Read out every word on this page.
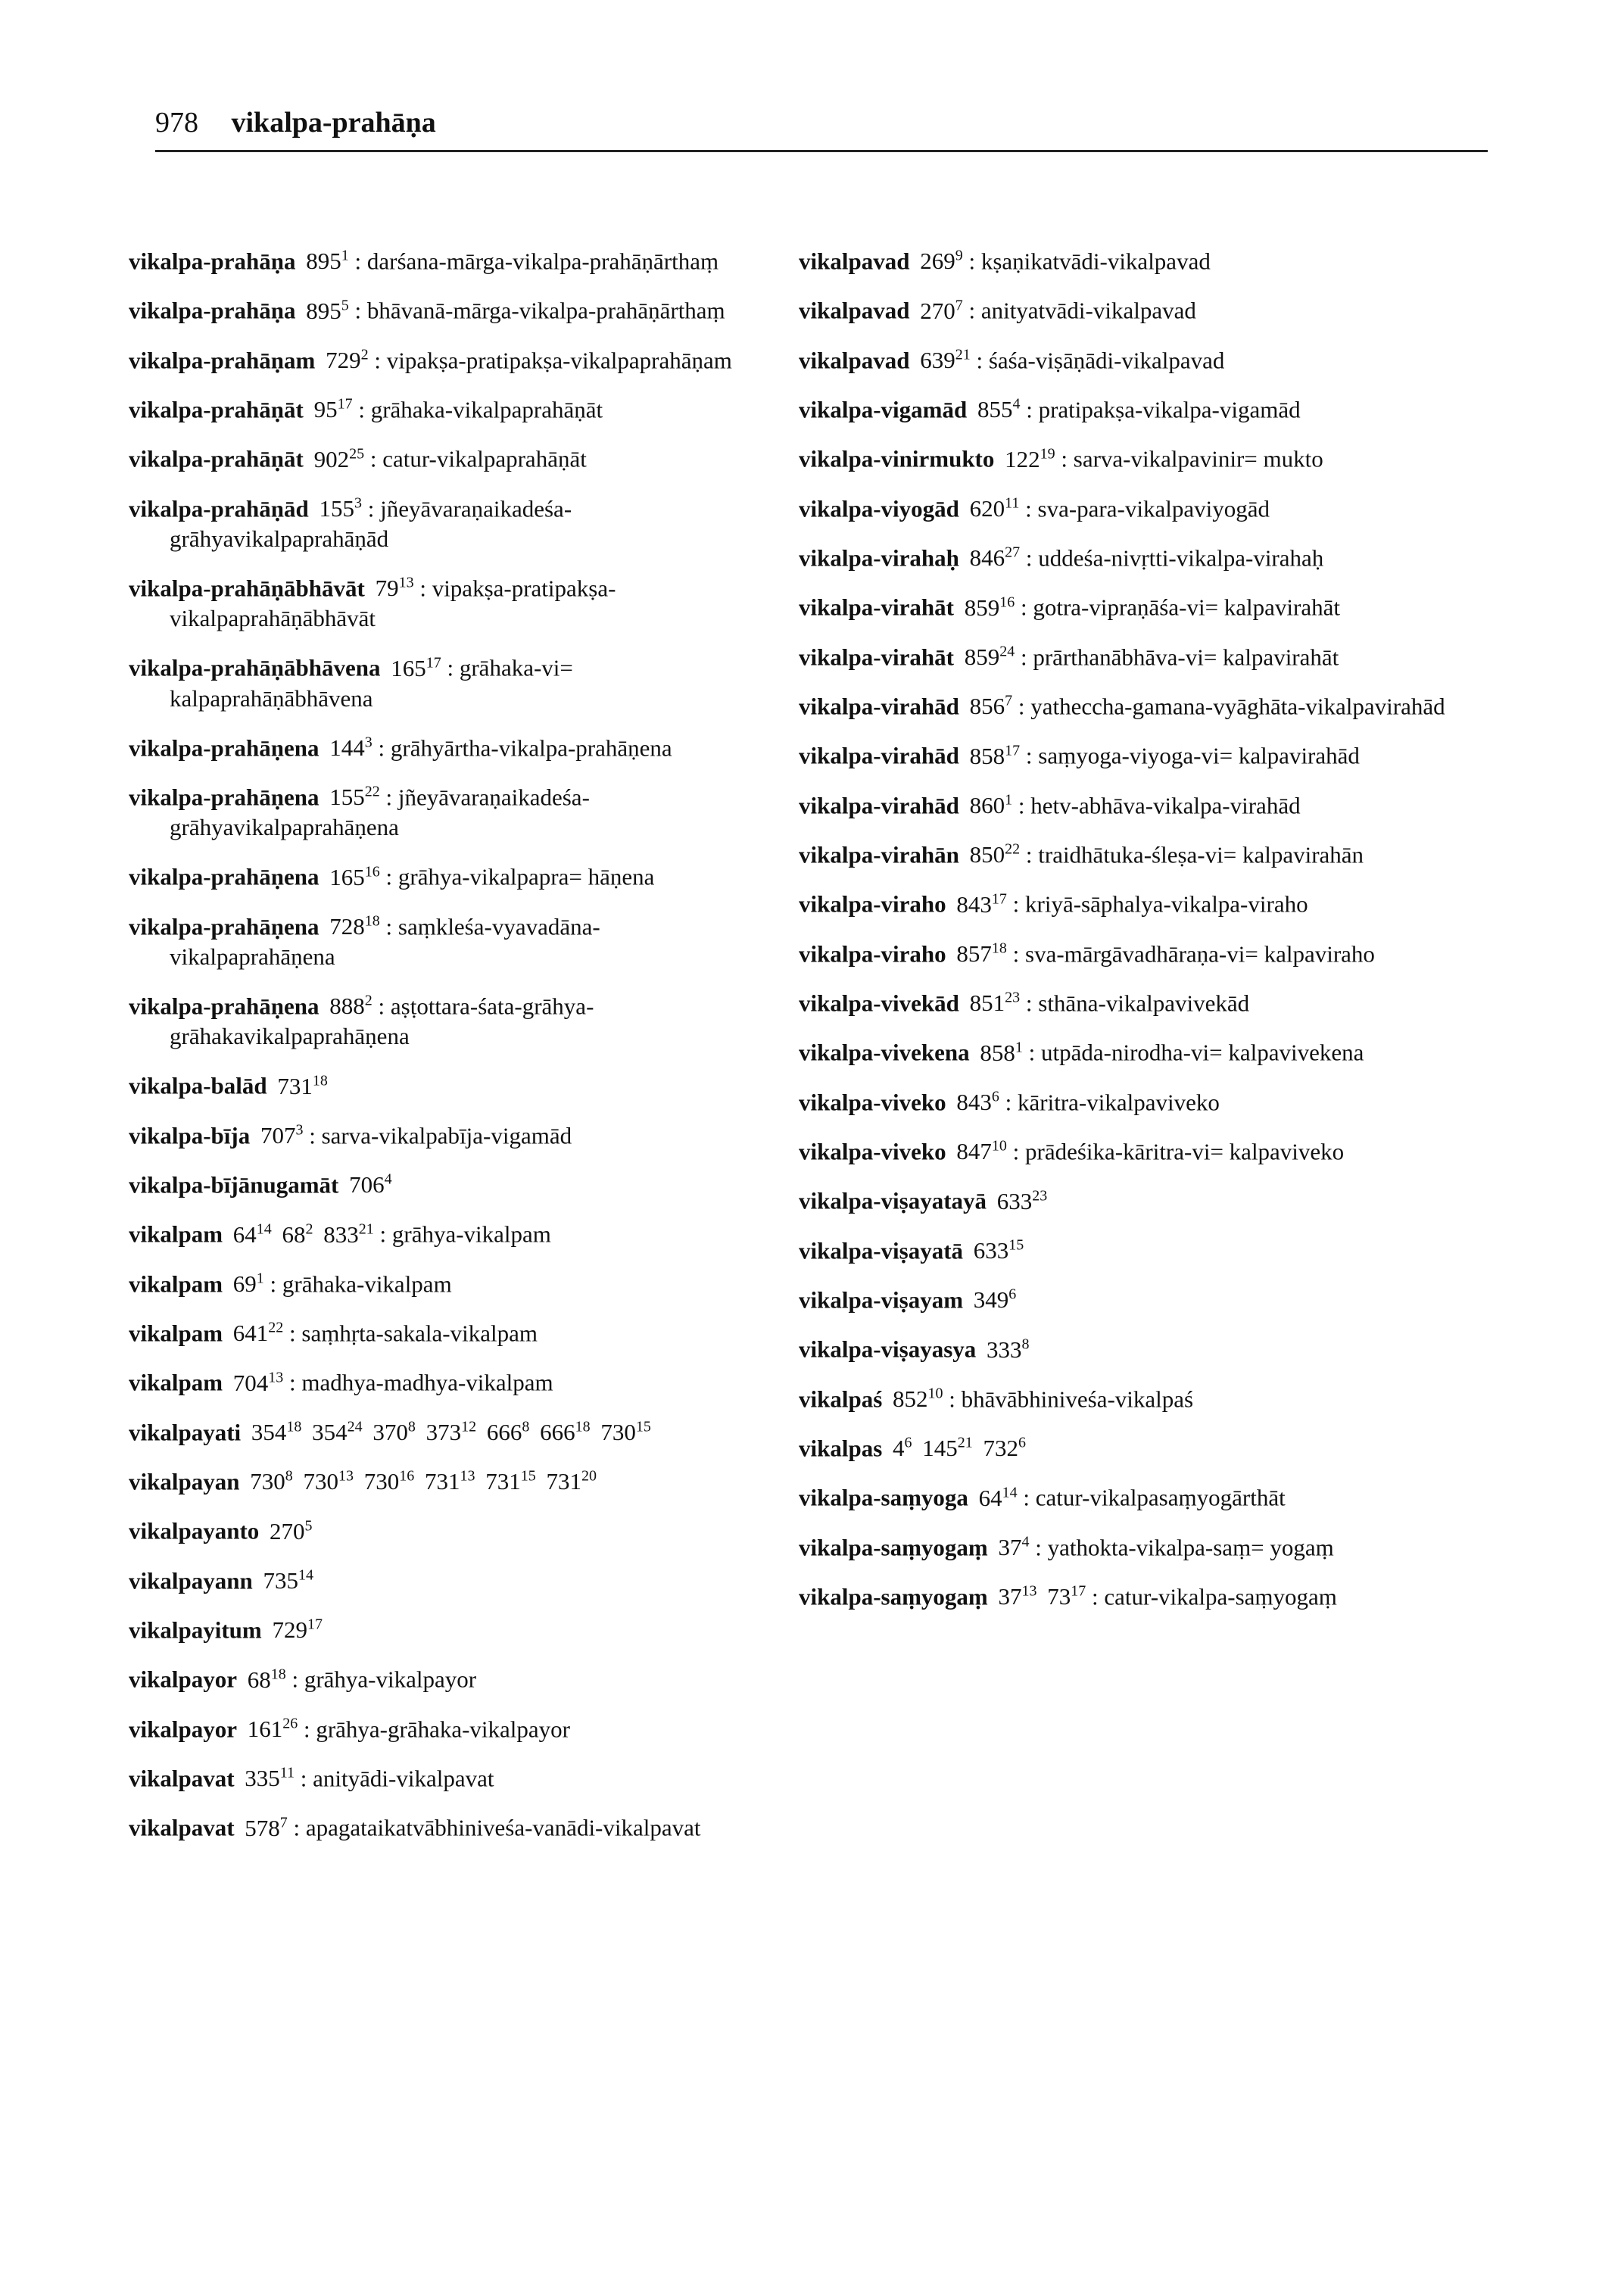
978 vikalpa-prahāṇa
vikalpa-prahāṇa $895^1$ : darśana-mārga-vikalpa-prahāṇārthaṃ
vikalpa-prahāṇa $895^5$ : bhāvanā-mārga-vikalpa-prahāṇārthaṃ
vikalpa-prahāṇam $729^2$ : vipakṣa-pratipakṣa-vikalpaprahāṇam
vikalpa-prahāṇāt $95^{17}$ : grāhaka-vikalpaprahāṇāt
vikalpa-prahāṇāt $902^{25}$ : catur-vikalpaprahāṇāt
vikalpa-prahāṇād $155^3$ : jñeyāvaraṇaikadeśa-grāhyavikalpaprahāṇād
vikalpa-prahāṇābhāvāt $79^{13}$ : vipakṣa-pratipakṣa-vikalpaprahāṇābhāvāt
vikalpa-prahāṇābhāvena $165^{17}$ : grāhaka-vi= kalpaprahāṇābhāvena
vikalpa-prahāṇena $144^3$ : grāhyārtha-vikalpa-prahāṇena
vikalpa-prahāṇena $155^{22}$ : jñeyāvaraṇaikadeśa-grāhyavikalpaprahāṇena
vikalpa-prahāṇena $165^{16}$ : grāhya-vikalpapra= hāṇena
vikalpa-prahāṇena $728^{18}$ : saṃkleśa-vyavadāna-vikalpaprahāṇena
vikalpa-prahāṇena $888^2$ : aṣṭottara-śata-grāhya-grāhakavikalpaprahāṇena
vikalpa-balād $731^{18}$
vikalpa-bīja $707^3$ : sarva-vikalpabīja-vigamād
vikalpa-bījānugamāt $706^4$
vikalpam $64^{14}$ $68^2$ $833^{21}$ : grāhya-vikalpam
vikalpam $69^1$ : grāhaka-vikalpam
vikalpam $641^{22}$ : saṃhṛta-sakala-vikalpam
vikalpam $704^{13}$ : madhya-madhya-vikalpam
vikalpayati $354^{18}$ $354^{24}$ $370^8$ $373^{12}$ $666^8$ $666^{18}$ $730^{15}$
vikalpayan $730^8$ $730^{13}$ $730^{16}$ $731^{13}$ $731^{15}$ $731^{20}$
vikalpayanto $270^5$
vikalpayann $735^{14}$
vikalpayitum $729^{17}$
vikalpayor $68^{18}$ : grāhya-vikalpayor
vikalpayor $161^{26}$ : grāhya-grāhaka-vikalpayor
vikalpavat $335^{11}$ : anityādi-vikalpavat
vikalpavat $578^7$ : apagataikatvābhiniveśa-vanādi-vikalpavat
vikalpavad $269^9$ : kṣaṇikatvādi-vikalpavad
vikalpavad $270^7$ : anityatvādi-vikalpavad
vikalpavad $639^{21}$ : śaśa-viṣāṇādi-vikalpavad
vikalpa-vigamād $855^4$ : pratipakṣa-vikalpa-vigamād
vikalpa-vinirmukto $122^{19}$ : sarva-vikalpavinir= mukto
vikalpa-viyogād $620^{11}$ : sva-para-vikalpaviyogād
vikalpa-virahaḥ $846^{27}$ : uddeśa-nivṛtti-vikalpa-virahaḥ
vikalpa-virahāt $859^{16}$ : gotra-vipraṇāśa-vi= kalpavirahāt
vikalpa-virahāt $859^{24}$ : prārthanābhāva-vi= kalpavirahāt
vikalpa-virahād $856^7$ : yatheccha-gamana-vyāghāta-vikalpavirahād
vikalpa-virahād $858^{17}$ : saṃyoga-viyoga-vi= kalpavirahād
vikalpa-virahād $860^1$ : hetv-abhāva-vikalpa-virahād
vikalpa-virahān $850^{22}$ : traidhātuka-śleṣa-vi= kalpavirahān
vikalpa-viraho $843^{17}$ : kriyā-sāphalya-vikalpa-viraho
vikalpa-viraho $857^{18}$ : sva-mārgāvadhāraṇa-vi= kalpaviraho
vikalpa-vivekād $851^{23}$ : sthāna-vikalpavivekād
vikalpa-vivekena $858^1$ : utpāda-nirodha-vi= kalpavivekena
vikalpa-viveko $843^6$ : kāritra-vikalpaviveko
vikalpa-viveko $847^{10}$ : prādeśika-kāritra-vi= kalpaviveko
vikalpa-viṣayatayā $633^{23}$
vikalpa-viṣayatā $633^{15}$
vikalpa-viṣayam $349^6$
vikalpa-viṣayasya $333^8$
vikalpaś $852^{10}$ : bhāvābhiniveśa-vikalpaś
vikalpas $4^6$ $145^{21}$ $732^6$
vikalpa-saṃyoga $64^{14}$ : catur-vikalpasaṃyogārthāt
vikalpa-saṃyogaṃ $37^4$ : yathokta-vikalpa-saṃ= yogaṃ
vikalpa-saṃyogaṃ $37^{13}$ $73^{17}$ : catur-vikalpa-saṃyogaṃ
